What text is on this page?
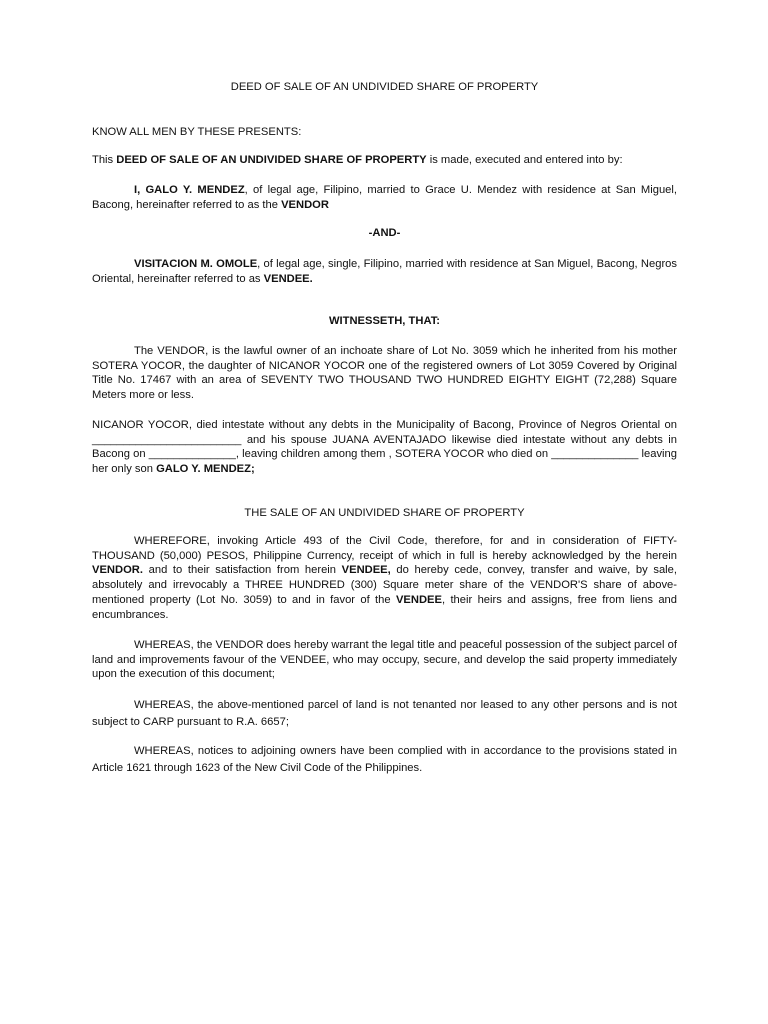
DEED OF SALE OF AN UNDIVIDED SHARE OF PROPERTY

KNOW ALL MEN BY THESE PRESENTS:

This DEED OF SALE OF AN UNDIVIDED SHARE OF PROPERTY is made, executed and entered into by:

I, GALO Y. MENDEZ, of legal age, Filipino, married to Grace U. Mendez with residence at San Miguel, Bacong, hereinafter referred to as the VENDOR

-AND-

VISITACION M. OMOLE, of legal age, single, Filipino, married with residence at San Miguel, Bacong, Negros Oriental, hereinafter referred to as VENDEE.

WITNESSETH, THAT:

The VENDOR, is the lawful owner of an inchoate share of Lot No. 3059 which he inherited from his mother SOTERA YOCOR, the daughter of NICANOR YOCOR one of the registered owners of Lot 3059 Covered by Original Title No. 17467 with an area of SEVENTY TWO THOUSAND TWO HUNDRED EIGHTY EIGHT (72,288) Square Meters more or less.

NICANOR YOCOR, died intestate without any debts in the Municipality of Bacong, Province of Negros Oriental on ________________________ and his spouse JUANA AVENTAJADO likewise died intestate without any debts in Bacong on ______________, leaving children among them , SOTERA YOCOR who died on ______________ leaving her only son GALO Y. MENDEZ;

THE SALE OF AN UNDIVIDED SHARE OF PROPERTY

WHEREFORE, invoking Article 493 of the Civil Code, therefore, for and in consideration of FIFTY-THOUSAND (50,000) PESOS, Philippine Currency, receipt of which in full is hereby acknowledged by the herein VENDOR. and to their satisfaction from herein VENDEE, do hereby cede, convey, transfer and waive, by sale, absolutely and irrevocably a THREE HUNDRED (300) Square meter share of the VENDOR'S share of above-mentioned property (Lot No. 3059) to and in favor of the VENDEE, their heirs and assigns, free from liens and encumbrances.

WHEREAS, the VENDOR does hereby warrant the legal title and peaceful possession of the subject parcel of land and improvements favour of the VENDEE, who may occupy, secure, and develop the said property immediately upon the execution of this document;

WHEREAS, the above-mentioned parcel of land is not tenanted nor leased to any other persons and is not subject to CARP pursuant to R.A. 6657;

WHEREAS, notices to adjoining owners have been complied with in accordance to the provisions stated in Article 1621 through 1623 of the New Civil Code of the Philippines.
